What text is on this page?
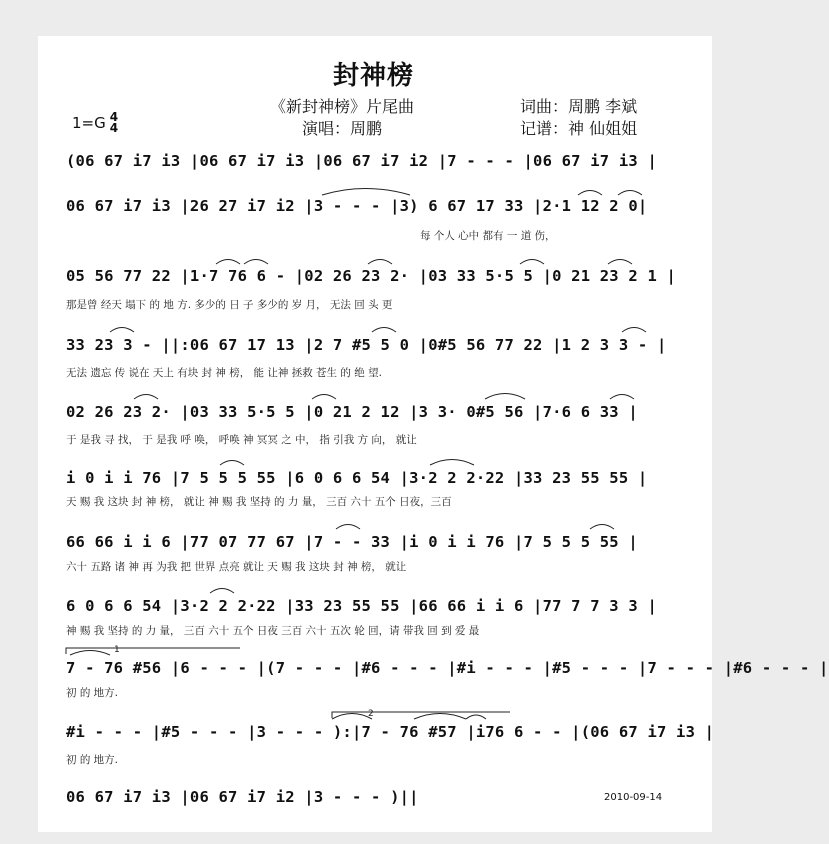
封神榜
《新封神榜》片尾曲	词曲：周鹏 李斌
1=G 4
4	演唱：周鹏	记谱：神 仙姐姐
(06 67 i7 i3 |06 67 i7 i3 |06 67 i7 i2 |7 - - - |06 67 i7 i3 |
06 67 i7 i3 |26 27 i7 i2 |3 - - - |3) 6 67 17 33 |2·1 12 2 0|
每 个人 心中 都有 一 道 伤，
05 56 77 22 |1·7 76 6 - |02 26 23 2· |03 33 5·5 5 |0 21 23 2 1 |
那是曾 经天 塌下 的 地 方. 多少的 日 子 多少的 岁 月， 无法 回 头 更
33 23 3 - ||:06 67 17 13 |2 7 #5 5 0 |0#5 56 77 22 |1 2 3 3 - |
无法 遗忘 传 说在 天上 有块 封 神 榜， 能 让神 拯救 苍生 的 绝 望.
02 26 23 2· |03 33 5·5 5 |0 21 2 12 |3 3· 0#5 56 |7·6 6 33 |
于 是我 寻 找， 于 是我 呼 唤， 呼唤 神 冥冥 之 中， 指 引我 方 向， 就让
i 0 i i 76 |7 5 5 5 55 |6 0 6 6 54 |3·2 2 2·22 |33 23 55 55 |
天 赐 我 这块 封 神 榜， 就让 神 赐 我 坚持 的 力 量， 三百 六十 五个 日夜，三百
66 66 i i 6 |77 07 77 67 |7 - - 33 |i 0 i i 76 |7 5 5 5 55 |
六十 五路 诸 神 再 为我 把 世界 点亮 就让 天 赐 我 这块 封 神 榜， 就让
6 0 6 6 54 |3·2 2 2·22 |33 23 55 55 |66 66 i i 6 |77 7 7 3 3 |
神 赐 我 坚持 的 力 量， 三百 六十 五个 日夜 三百 六十 五次 轮 回，请 带我 回 到 爱 最
7 - 76 #56 |6 - - - |(7 - - - |#6 - - - |#i - - - |#5 - - - |7 - - - |#6 - - - |
初 的 地方.
#i - - - |#5 - - - |3 - - - ):|7 - 76 #57 |i76 6 - - |(06 67 i7 i3 |
初 的 地方.
06 67 i7 i3 |06 67 i7 i2 |3 - - - )||	2010-09-14
1
2
